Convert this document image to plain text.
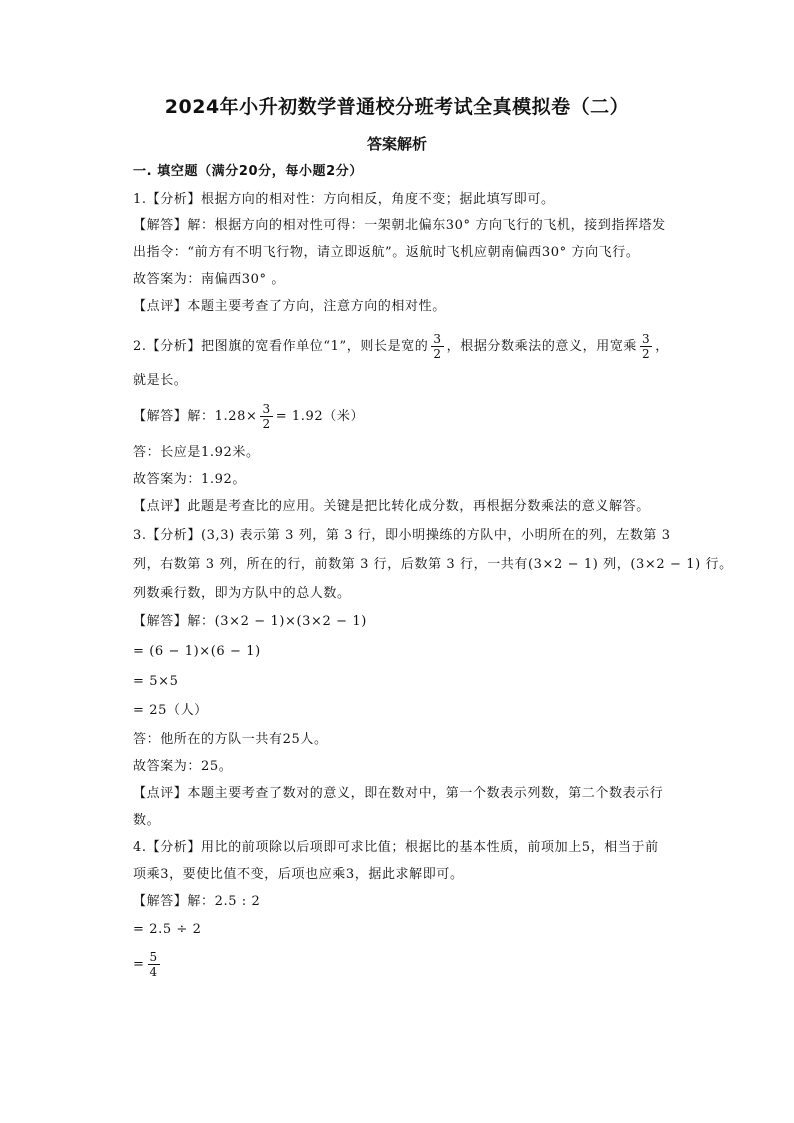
2024年小升初数学普通校分班考试全真模拟卷（二）
答案解析
一. 填空题（满分20分，每小题2分）
1.【分析】根据方向的相对性：方向相反，角度不变；据此填写即可。
【解答】解：根据方向的相对性可得：一架朝北偏东30° 方向飞行的飞机，接到指挥塔发
出指令：“前方有不明飞行物，请立即返航”。返航时飞机应朝南偏西30° 方向飞行。
故答案为：南偏西30° 。
【点评】本题主要考查了方向，注意方向的相对性。
2.【分析】把图旗的宽看作单位“1”，则长是宽的 $\frac{3}{2}$ ，根据分数乘法的意义，用宽乘 $\frac{3}{2}$ ，
就是长。
【解答】解：$1.28\times \frac{3}{2} = 1.92$（米）
答：长应是1.92米。
故答案为：1.92。
【点评】此题是考查比的应用。关键是把比转化成分数，再根据分数乘法的意义解答。
3.【分析】(3,3) 表示第 3 列，第 3 行，即小明操练的方队中，小明所在的列，左数第 3
列，右数第 3 列，所在的行，前数第 3 行，后数第 3 行，一共有(3×2 − 1) 列，(3×2 − 1) 行。
列数乘行数，即为方队中的总人数。
【解答】解：(3×2 − 1)×(3×2 − 1)
= (6 − 1)×(6 − 1)
= 5×5
= 25（人）
答：他所在的方队一共有25人。
故答案为：25。
【点评】本题主要考查了数对的意义，即在数对中，第一个数表示列数，第二个数表示行
数。
4.【分析】用比的前项除以后项即可求比值；根据比的基本性质，前项加上5，相当于前
项乘3，要使比值不变，后项也应乘3，据此求解即可。
【解答】解：2.5 : 2
= 2.5 ÷ 2
= $\frac{5}{4}$
